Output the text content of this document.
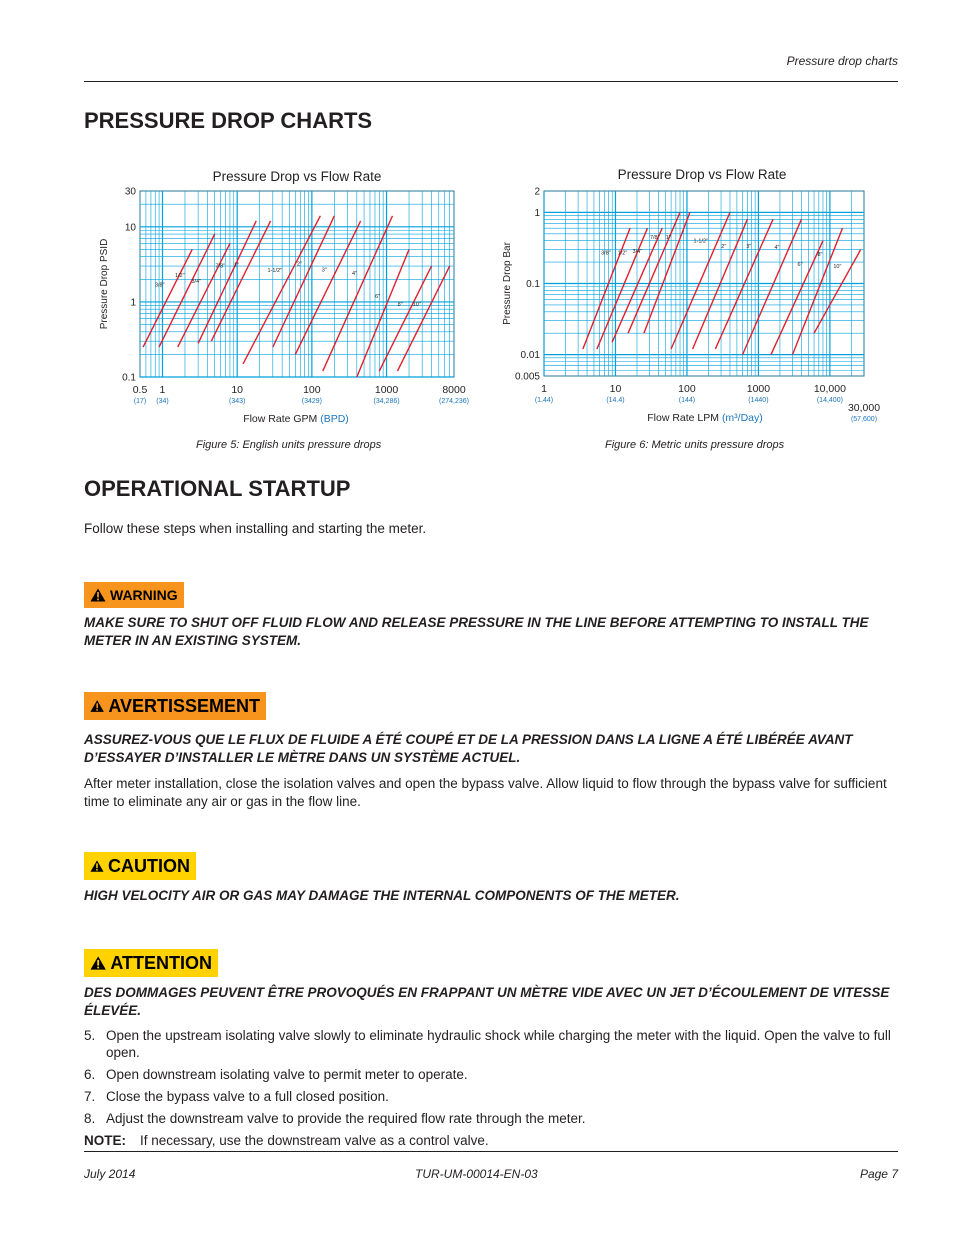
Pressure drop charts
PRESSURE DROP CHARTS
3/8"
1/2"
3/4"
7/8" 1"
1-1/2"
2"
3"
4"
6"
8" 10"
0.1
1
10
30
0.5
(17)
1
(34)
10
(343)
100
(3429)
1000
(34,286)
8000
(274,236)
Pressure Drop vs Flow Rate
Pressure Drop PSID
Flow Rate GPM (BPD)
3/8" 1/2" 3/4"
7/8" 1"
1-1/2"
2"	3"	4"
6"
8"
10"
0.005
0.01
0.1
1
2
1
(1.44)
10
(14.4)
100
(144)
1000
(1440)
10,000
(14,400)
30,000
(57,600)
Pressure Drop vs Flow Rate
Pressure Drop Bar
Flow Rate LPM (m³/Day)
Figure 5: English units pressure drops	Figure 6: Metric units pressure drops
OPERATIONAL STARTUP
Follow these steps when installing and starting the meter.
WARNING
MAKE SURE TO SHUT OFF FLUID FLOW AND RELEASE PRESSURE IN THE LINE BEFORE ATTEMPTING TO INSTALL THE METER IN AN EXISTING SYSTEM.
AVERTISSEMENT
ASSUREZ-VOUS QUE LE FLUX DE FLUIDE A ÉTÉ COUPÉ ET DE LA PRESSION DANS LA LIGNE A ÉTÉ LIBÉRÉE AVANT D’ESSAYER D’INSTALLER LE MÈTRE DANS UN SYSTÈME ACTUEL.
After meter installation, close the isolation valves and open the bypass valve. Allow liquid to flow through the bypass valve for sufficient time to eliminate any air or gas in the flow line.
CAUTION
HIGH VELOCITY AIR OR GAS MAY DAMAGE THE INTERNAL COMPONENTS OF THE METER.
ATTENTION
DES DOMMAGES PEUVENT ÊTRE PROVOQUÉS EN FRAPPANT UN MÈTRE VIDE AVEC UN JET D’ÉCOULEMENT DE VITESSE ÉLEVÉE.
5. Open the upstream isolating valve slowly to eliminate hydraulic shock while charging the meter with the liquid. Open the valve to full open.
6. Open downstream isolating valve to permit meter to operate.
7. Close the bypass valve to a full closed position.
8. Adjust the downstream valve to provide the required flow rate through the meter.
NOTE: If necessary, use the downstream valve as a control valve.
July 2014	TUR-UM-00014-EN-03	Page 7
